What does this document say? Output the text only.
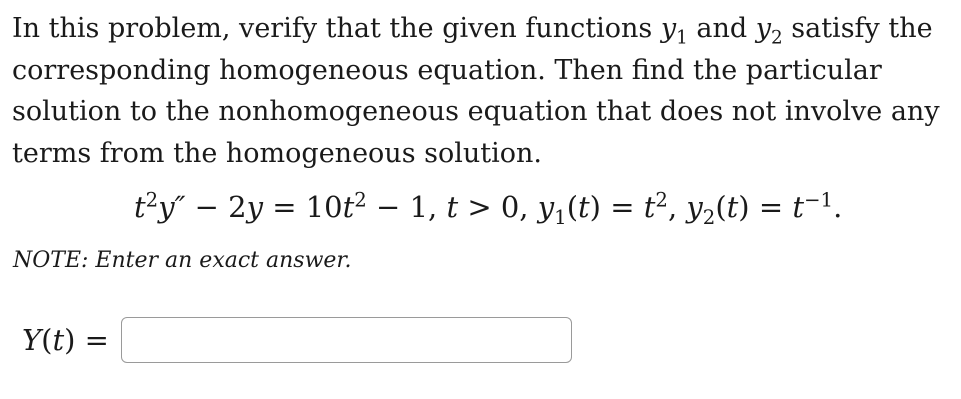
In this problem, verify that the given functions $y_1$ and $y_2$ satisfy the
corresponding homogeneous equation. Then find the particular
solution to the nonhomogeneous equation that does not involve any
terms from the homogeneous solution.
$t^2y'' - 2y = 10t^2 - 1$, t > 0, $y_1(t) = t^2$, $y_2(t) = t^{-1}$.
NOTE: Enter an exact answer.
Y(t) =
